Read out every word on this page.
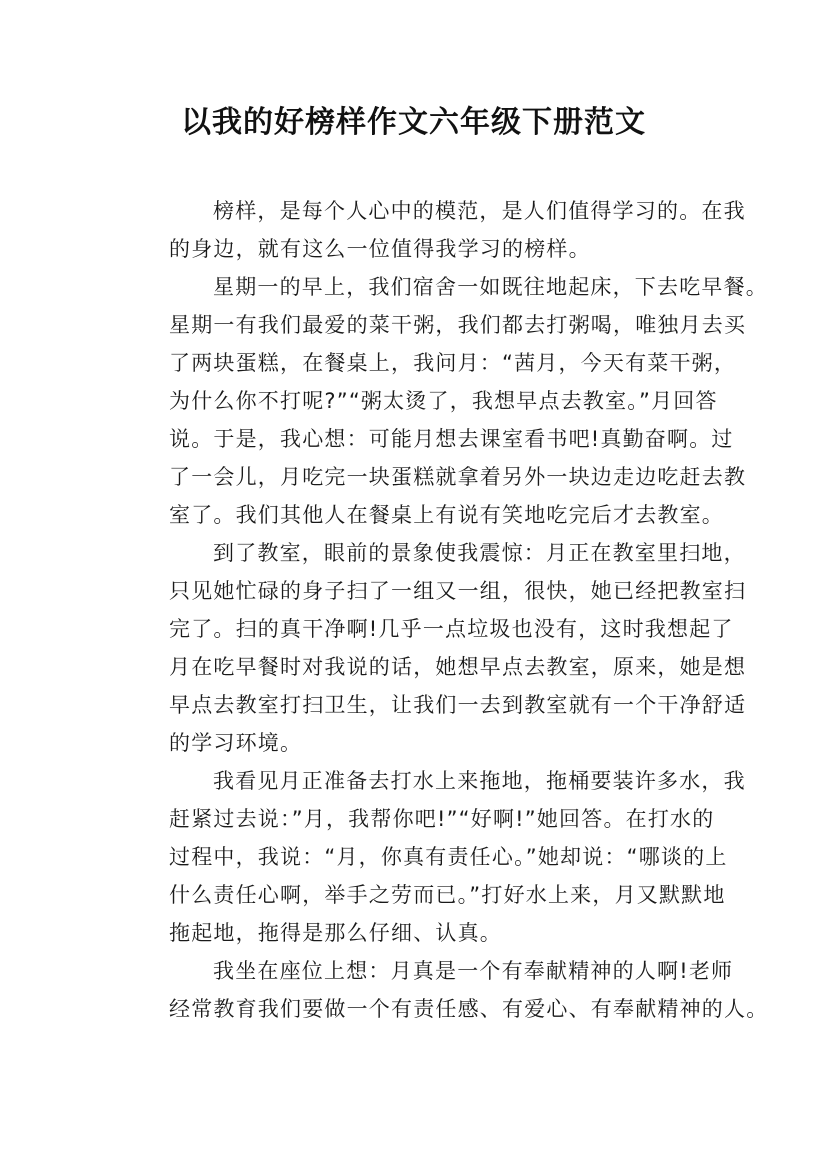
以我的好榜样作文六年级下册范文
榜样，是每个人心中的模范，是人们值得学习的。在我
的身边，就有这么一位值得我学习的榜样。
星期一的早上，我们宿舍一如既往地起床，下去吃早餐。
星期一有我们最爱的菜干粥，我们都去打粥喝，唯独月去买
了两块蛋糕，在餐桌上，我问月：“茜月，今天有菜干粥，
为什么你不打呢?”“粥太烫了，我想早点去教室。”月回答
说。于是，我心想：可能月想去课室看书吧!真勤奋啊。过
了一会儿，月吃完一块蛋糕就拿着另外一块边走边吃赶去教
室了。我们其他人在餐桌上有说有笑地吃完后才去教室。
到了教室，眼前的景象使我震惊：月正在教室里扫地，
只见她忙碌的身子扫了一组又一组，很快，她已经把教室扫
完了。扫的真干净啊!几乎一点垃圾也没有，这时我想起了
月在吃早餐时对我说的话，她想早点去教室，原来，她是想
早点去教室打扫卫生，让我们一去到教室就有一个干净舒适
的学习环境。
我看见月正准备去打水上来拖地，拖桶要装许多水，我
赶紧过去说：”月，我帮你吧!”“好啊!”她回答。在打水的
过程中，我说：“月，你真有责任心。”她却说：“哪谈的上
什么责任心啊，举手之劳而已。”打好水上来，月又默默地
拖起地，拖得是那么仔细、认真。
我坐在座位上想：月真是一个有奉献精神的人啊!老师
经常教育我们要做一个有责任感、有爱心、有奉献精神的人。
